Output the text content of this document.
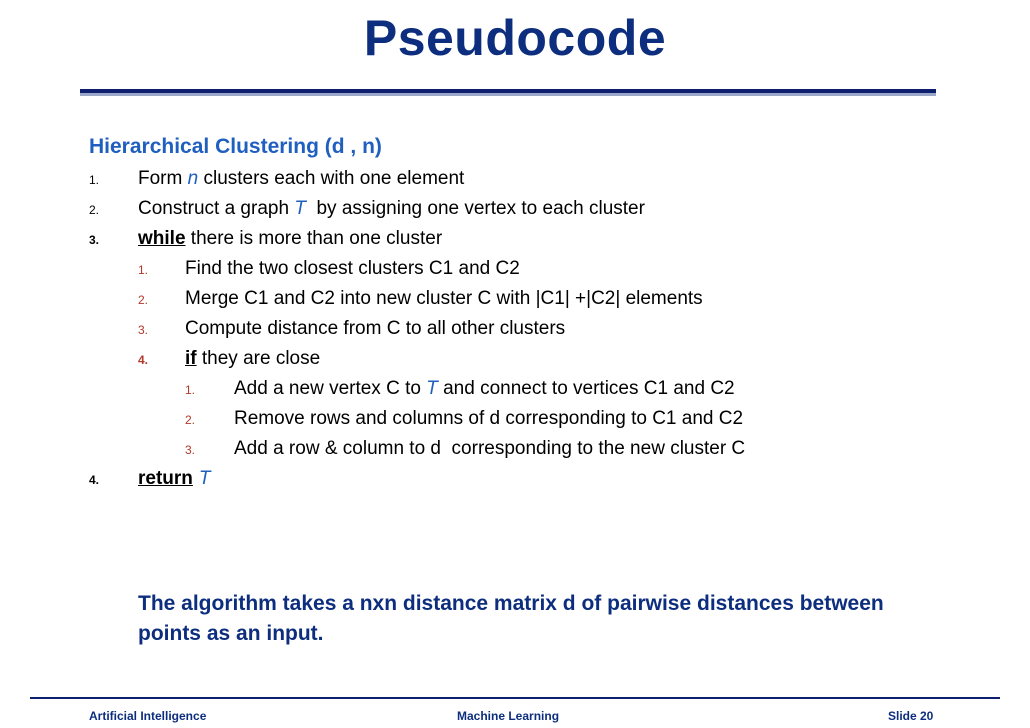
Pseudocode
Hierarchical Clustering (d , n)
1. Form n clusters each with one element
2. Construct a graph T  by assigning one vertex to each cluster
3. while there is more than one cluster
1. Find the two closest clusters C1 and C2
2. Merge C1 and C2 into new cluster C with |C1| +|C2| elements
3. Compute distance from C to all other clusters
4. if they are close
1. Add a new vertex C to T and connect to vertices C1 and C2
2. Remove rows and columns of d corresponding to C1 and C2
3. Add a row & column to d  corresponding to the new cluster C
4. return T
The algorithm takes a nxn distance matrix d of pairwise distances between points as an input.
Artificial Intelligence	Machine Learning	Slide 20
